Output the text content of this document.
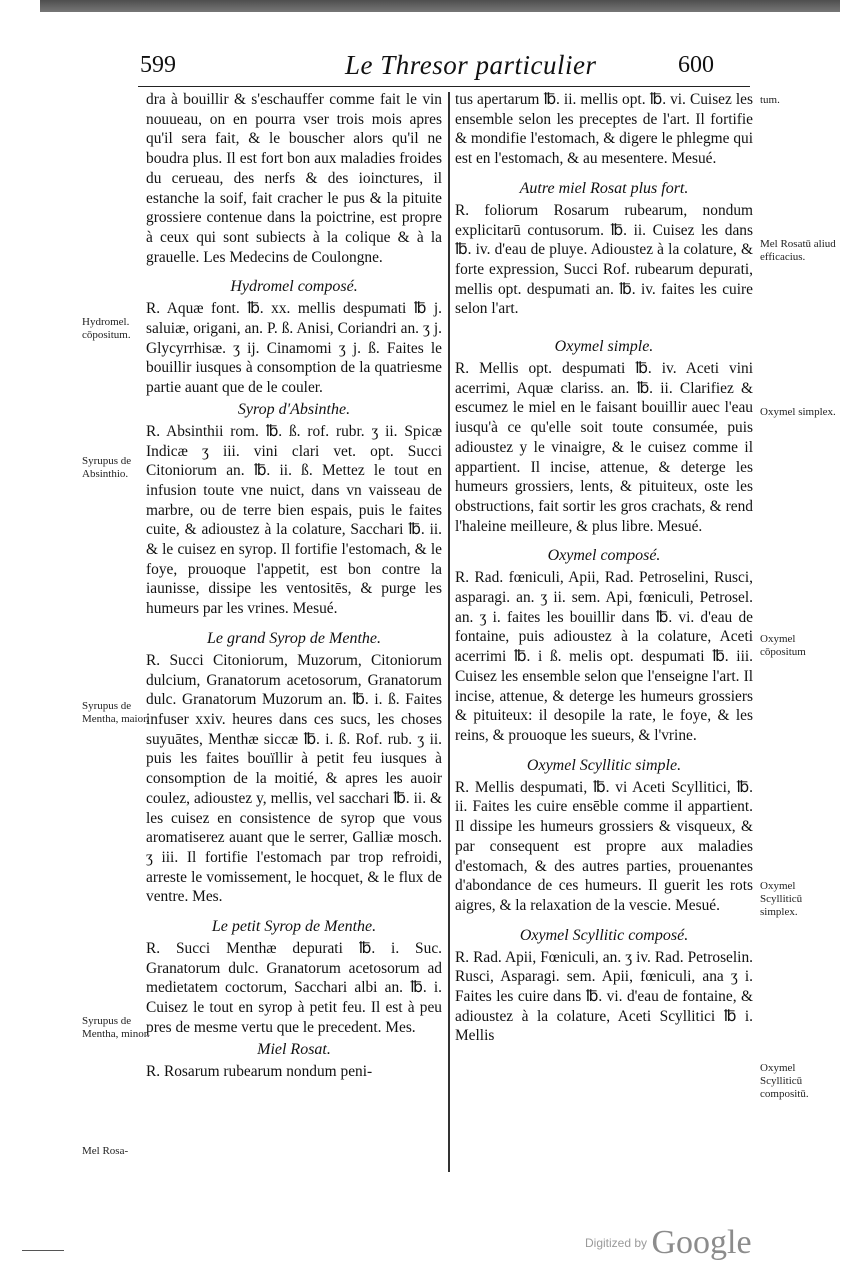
599	Le Thresor particulier	600

dra à bouillir & s'eschauffer comme fait le vin nouueau, on en pourra vser trois mois apres qu'il sera fait, & le bouscher alors qu'il ne boudra plus. Il est fort bon aux maladies froides du cerueau, des nerfs & des ioinctures, il estanche la soif, fait cracher le pus & la pituite grossiere contenue dans la poictrine, est propre à ceux qui sont subiects à la colique & à la grauelle. Les Medecins de Coulongne.

Hydromel composé.

R. Aquæ font. ℔. xx. mellis despumati ℔ j. saluiæ, origani, an. P. ß. Anisi, Coriandri an. ʒ j. Glycyrrhisæ. ʒ ij. Cinamomi ʒ j. ß. Faites le bouillir iusques à consomption de la quatriesme partie auant que de le couler.

Syrop d'Absinthe.

R. Absinthii rom. ℔. ß. rof. rubr. ʒ ii. Spicæ Indicæ ʒ iii. vini clari vet. opt. Succi Citoniorum an. ℔. ii. ß. Mettez le tout en infusion toute vne nuict, dans vn vaisseau de marbre, ou de terre bien espais, puis le faites cuite, & adioustez à la colature, Sacchari ℔. ii. & le cuisez en syrop. Il fortifie l'estomach, & le foye, prouoque l'appetit, est bon contre la iaunisse, dissipe les ventositēs, & purge les humeurs par les vrines. Mesué.

Le grand Syrop de Menthe.

R. Succi Citoniorum, Muzorum, Citoniorum dulcium, Granatorum acetosorum, Granatorum dulc. Granatorum Muzorum an. ℔. i. ß. Faites infuser xxiv. heures dans ces sucs, les choses suyuātes, Menthæ siccæ ℔. i. ß. Rof. rub. ʒ ii. puis les faites bouïllir à petit feu iusques à consomption de la moitié, & apres les auoir coulez, adioustez y, mellis, vel sacchari ℔. ii. & les cuisez en consistence de syrop que vous aromatiserez auant que le serrer, Galliæ mosch. ʒ iii. Il fortifie l'estomach par trop refroidi, arreste le vomissement, le hocquet, & le flux de ventre. Mes.

Le petit Syrop de Menthe.

R. Succi Menthæ depurati ℔. i. Suc. Granatorum dulc. Granatorum acetosorum ad medietatem coctorum, Sacchari albi an. ℔. i. Cuisez le tout en syrop à petit feu. Il est à peu pres de mesme vertu que le precedent. Mes.

Miel Rosat.

R. Rosarum rubearum nondum peni-

tus apertarum ℔. ii. mellis opt. ℔. vi. Cuisez les ensemble selon les preceptes de l'art. Il fortifie & mondifie l'estomach, & digere le phlegme qui est en l'estomach, & au mesentere. Mesué.

Autre miel Rosat plus fort.

R. foliorum Rosarum rubearum, nondum explicitarū contusorum. ℔. ii. Cuisez les dans ℔. iv. d'eau de pluye. Adioustez à la colature, & forte expression, Succi Rof. rubearum depurati, mellis opt. despumati an. ℔. iv. faites les cuire selon l'art.

Oxymel simple.

R. Mellis opt. despumati ℔. iv. Aceti vini acerrimi, Aquæ clariss. an. ℔. ii. Clarifiez & escumez le miel en le faisant bouillir auec l'eau iusqu'à ce qu'elle soit toute consumée, puis adioustez y le vinaigre, & le cuisez comme il appartient. Il incise, attenue, & deterge les humeurs grossiers, lents, & pituiteux, oste les obstructions, fait sortir les gros crachats, & rend l'haleine meilleure, & plus libre. Mesué.

Oxymel composé.

R. Rad. fœniculi, Apii, Rad. Petroselini, Rusci, asparagi. an. ʒ ii. sem. Api, fœniculi, Petrosel. an. ʒ i. faites les bouillir dans ℔. vi. d'eau de fontaine, puis adioustez à la colature, Aceti acerrimi ℔. i ß. melis opt. despumati ℔. iii. Cuisez les ensemble selon que l'enseigne l'art. Il incise, attenue, & deterge les humeurs grossiers & pituiteux: il desopile la rate, le foye, & les reins, & prouoque les sueurs, & l'vrine.

Oxymel Scyllitic simple.

R. Mellis despumati, ℔. vi Aceti Scyllitici, ℔. ii. Faites les cuire ensēble comme il appartient. Il dissipe les humeurs grossiers & visqueux, & par consequent est propre aux maladies d'estomach, & des autres parties, prouenantes d'abondance de ces humeurs. Il guerit les rots aigres, & la relaxation de la vescie. Mesué.

Oxymel Scyllitic composé.

R. Rad. Apii, Fœniculi, an. ʒ iv. Rad. Petroselin. Rusci, Asparagi. sem. Apii, fœniculi, ana ʒ i. Faites les cuire dans ℔. vi. d'eau de fontaine, & adioustez à la colature, Aceti Scyllitici ℔ i. Mellis

Hydromel. cōpositum.
Syrupus de Absinthio.
Syrupus de Mentha, maior.
Syrupus de Mentha, minor.
Mel Rosa-
tum.
Mel Rosatū aliud efficacius.
Oxymel simplex.
Oxymel cōpositum
Oxymel Scylliticū simplex.
Oxymel Scylliticū compositū.
$^{Digitized by}$ Google
